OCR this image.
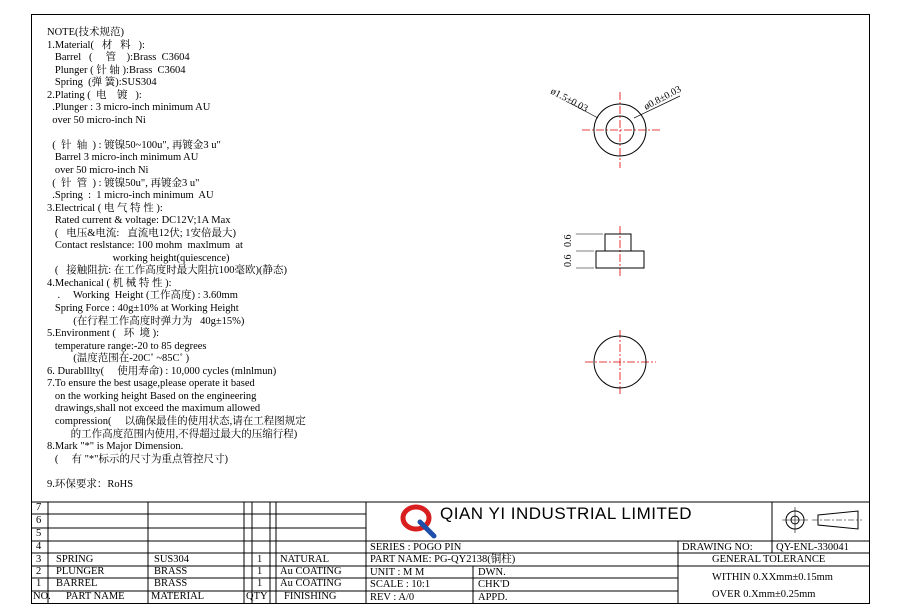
NOTE(技术规范)
1.Material(   材   料   ):
Barrel   (     管    ):Brass  C3604
Plunger ( 针 轴 ):Brass  C3604
Spring  (弹 簧):SUS304
2.Plating (  电    镀   ):
.Plunger : 3 micro-inch minimum AU
over 50 micro-inch Ni
(  针  轴  ) : 镀镍50~100u", 再镀金3 u"
Barrel 3 micro-inch minimum AU
over 50 micro-inch Ni
(  针  管  ) : 镀镍50u", 再镀金3 u"
.Spring  :  1 micro-inch minimum  AU
3.Electrical ( 电 气 特 性 ):
Rated current & voltage: DC12V;1A Max
(   电压&电流:   直流电12伏; 1安倍最大)
Contact reslstance: 100 mohm  maxlmum  at
working height(quiescence)
(   接触阻抗: 在工作高度时最大阻抗100毫欧)(静态)
4.Mechanical ( 机 械 特 性 ):
.     Working  Height (工作高度) : 3.60mm
Spring Force : 40g±10% at Working Height
(在行程工作高度时弹力为   40g±15%)
5.Environment (   环  境 ):
temperature range:-20 to 85 degrees
(温度范围在-20C˚ ~85C˚ )
6. Durablllty(     使用寿命) : 10,000 cycles (mlnlmun)
7.To ensure the best usage,please operate it based
on the working height Based on the engineering
drawings,shall not exceed the maximum allowed
compression(     以确保最佳的使用状态,请在工程图规定
的工作高度范围内使用,不得超过最大的压缩行程)
8.Mark "*" is Major Dimension.
(     有 "*"标示的尺寸为重点管控尺寸)
9.环保要求：RoHS
ø1.5±0.03	ø0.8±0.03
0.6
0.6
QIAN YI INDUSTRIAL LIMITED
SERIES : POGO PIN
PART NAME: PG-QY2138(铜柱)
UNIT : M M	DWN.
SCALE : 10:1	CHK'D
REV : A/0	APPD.
DRAWING NO: QY-ENL-330041
GENERAL TOLERANCE
WITHIN 0.XXmm±0.15mm
OVER 0.Xmm±0.25mm
7
6
5
4
3 SPRING	SUS304	1 NATURAL
2 PLUNGER	BRASS	1 Au COATING
1 BARREL	BRASS	1 Au COATING
NO. PART NAME	MATERIAL	QTY FINISHING
